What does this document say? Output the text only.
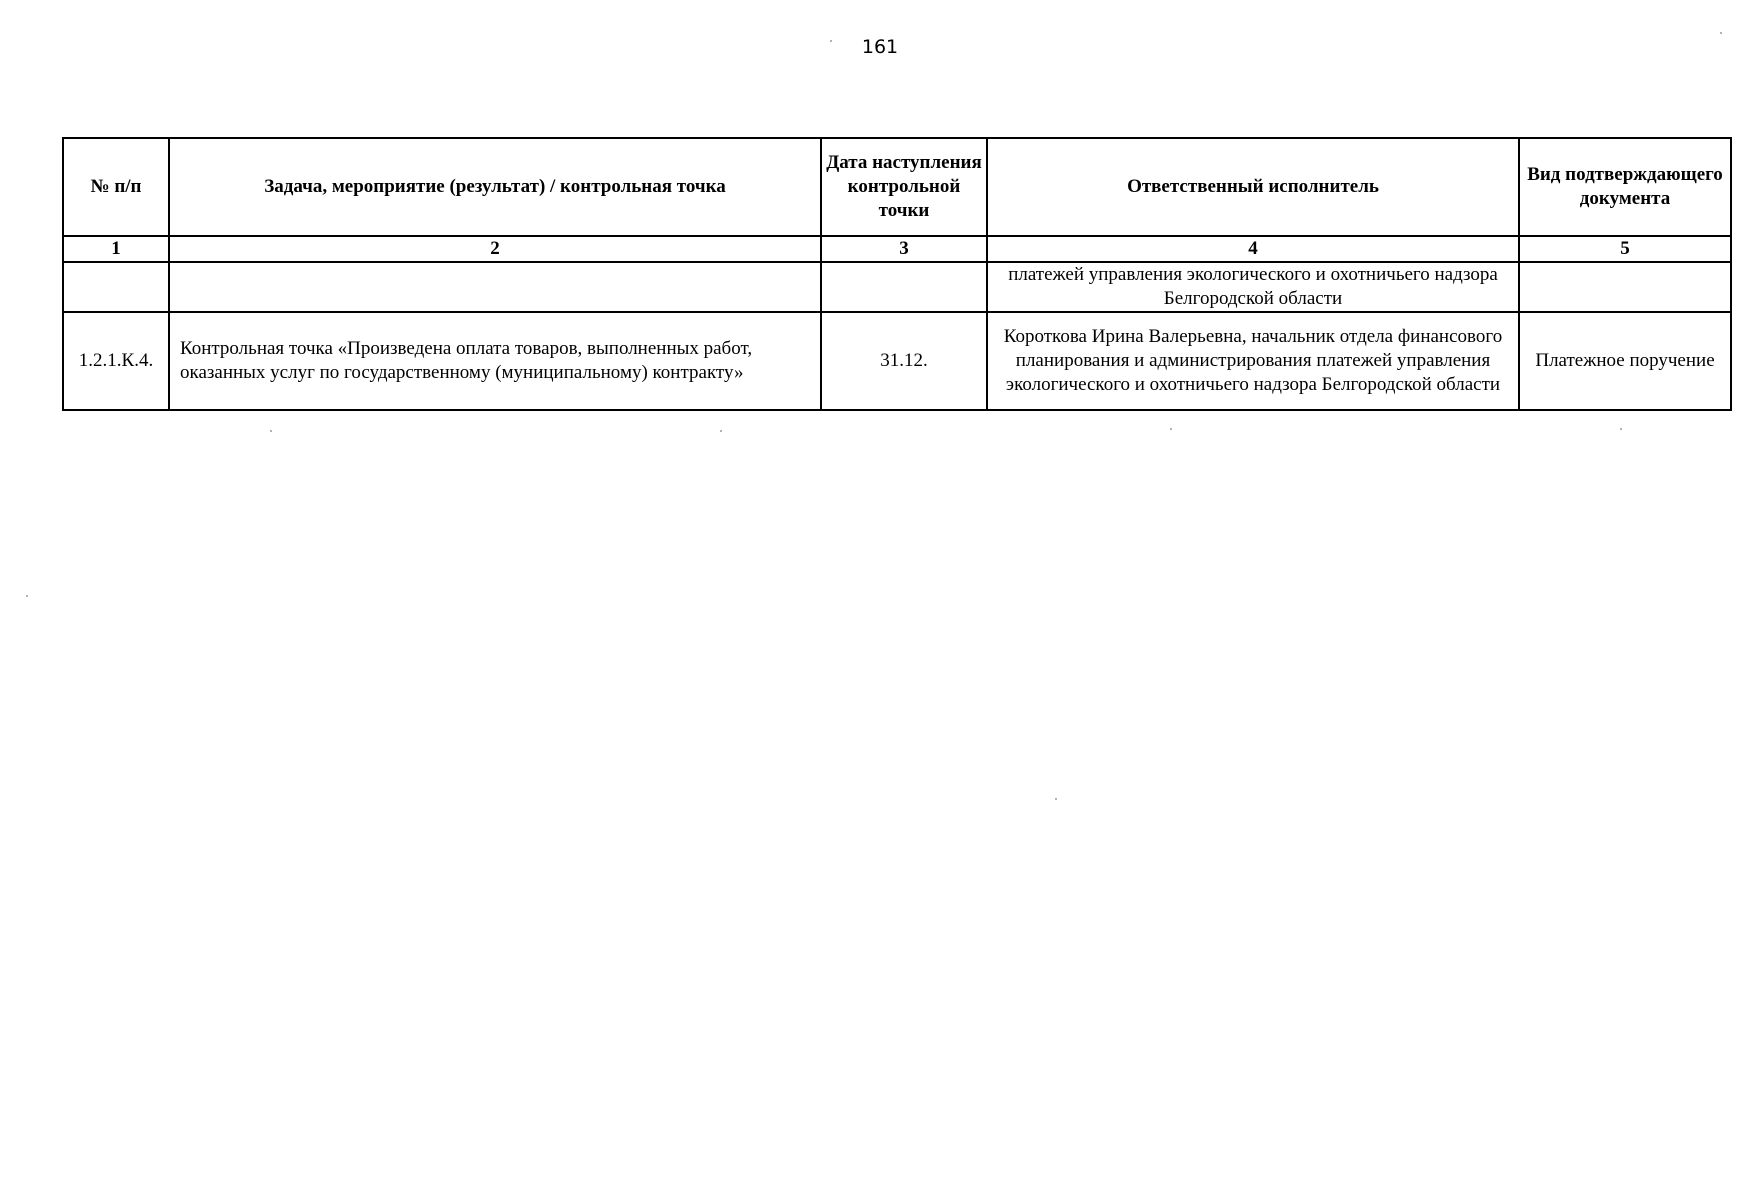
161
№ п/п	Задача, мероприятие (результат) / контрольная точка	Дата наступления контрольной точки	Ответственный исполнитель	Вид подтверждающего документа
1	2	3	4	5
			платежей управления экологического и охотничьего надзора Белгородской области	
1.2.1.К.4.	Контрольная точка «Произведена оплата товаров, выполненных работ, оказанных услуг по государственному (муниципальному) контракту»	31.12.	Короткова Ирина Валерьевна, начальник отдела финансового планирования и администрирования платежей управления экологического и охотничьего надзора Белгородской области	Платежное поручение
